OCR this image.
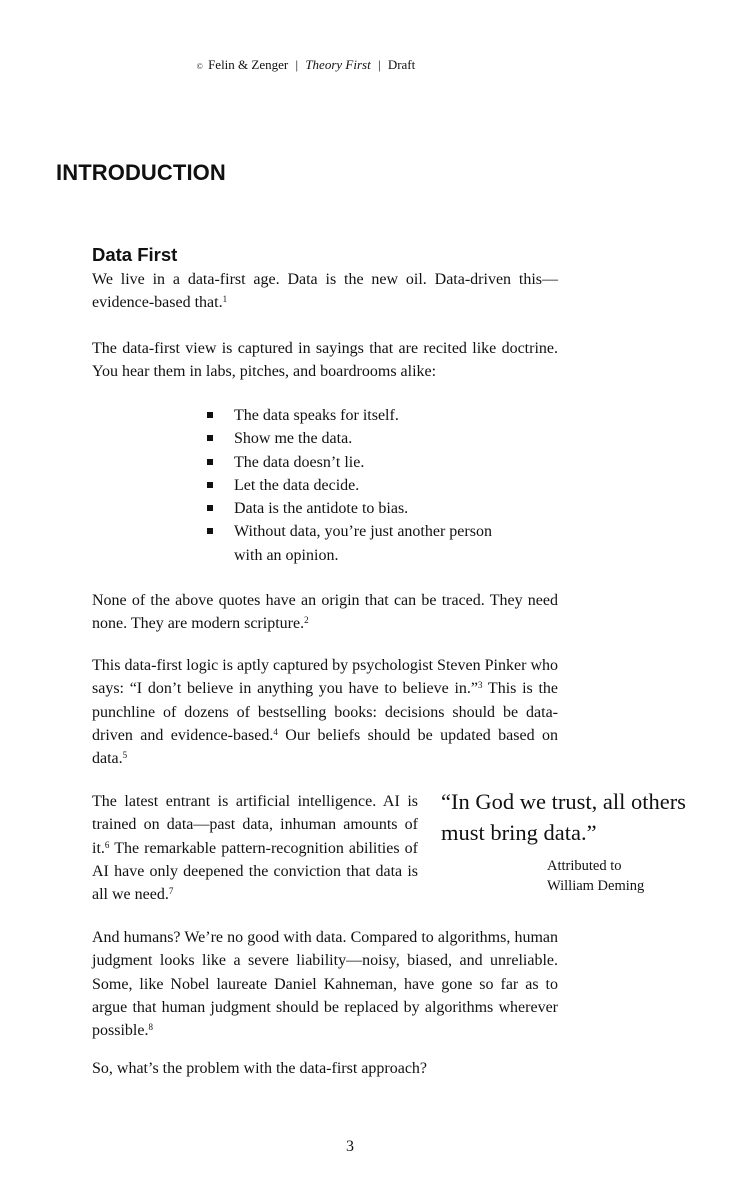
© Felin & Zenger | Theory First | Draft
INTRODUCTION
Data First

We live in a data-first age. Data is the new oil. Data-driven this—evidence-based that.$^1$

The data-first view is captured in sayings that are recited like doctrine. You hear them in labs, pitches, and boardrooms alike:

The data speaks for itself.
Show me the data.
The data doesn’t lie.
Let the data decide.
Data is the antidote to bias.
Without data, you’re just another person with an opinion.

None of the above quotes have an origin that can be traced. They need none. They are modern scripture.$^2$

This data-first logic is aptly captured by psychologist Steven Pinker who says: “I don’t believe in anything you have to believe in.”$^3$ This is the punchline of dozens of bestselling books: decisions should be data-driven and evidence-based.$^4$ Our beliefs should be updated based on data.$^5$

The latest entrant is artificial intelligence. AI is trained on data—past data, inhuman amounts of it.$^6$ The remarkable pattern-recognition abilities of AI have only deepened the conviction that data is all we need.$^7$

“In God we trust, all others must bring data.”

Attributed to
William Deming

And humans? We’re no good with data. Compared to algorithms, human judgment looks like a severe liability—noisy, biased, and unreliable. Some, like Nobel laureate Daniel Kahneman, have gone so far as to argue that human judgment should be replaced by algorithms wherever possible.$^8$

So, what’s the problem with the data-first approach?

3
